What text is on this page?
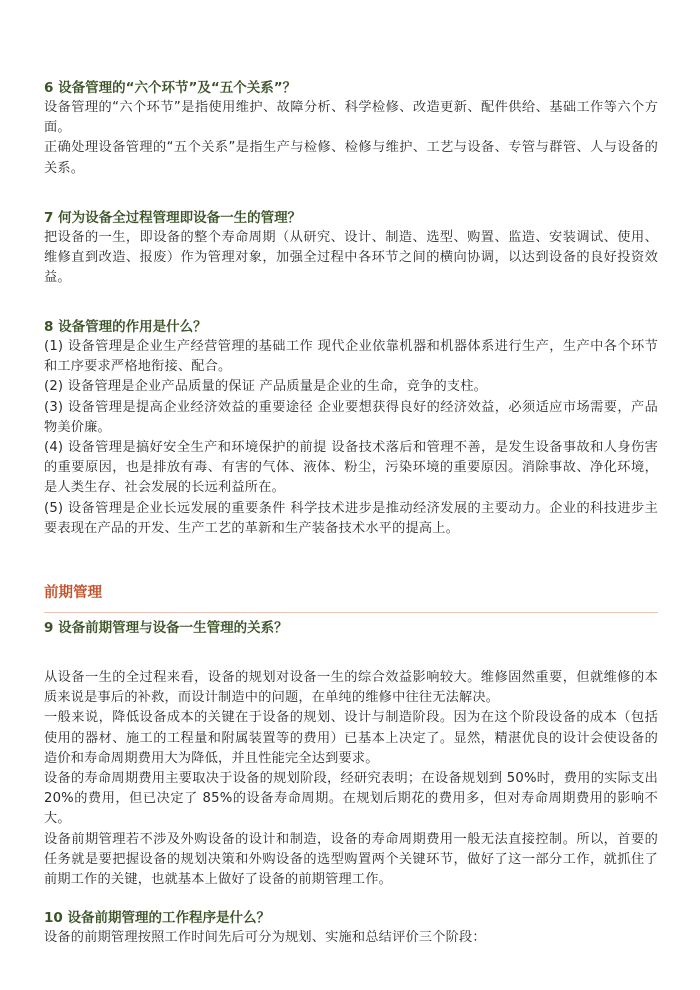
6 设备管理的“六个环节”及“五个关系”？

设备管理的“六个环节”是指使用维护、故障分析、科学检修、改造更新、配件供给、基础工作等六个方面。

正确处理设备管理的“五个关系”是指生产与检修、检修与维护、工艺与设备、专管与群管、人与设备的关系。

7 何为设备全过程管理即设备一生的管理？

把设备的一生，即设备的整个寿命周期（从研究、设计、制造、选型、购置、监造、安装调试、使用、维修直到改造、报废）作为管理对象，加强全过程中各环节之间的横向协调，以达到设备的良好投资效益。

8 设备管理的作用是什么？

(1) 设备管理是企业生产经营管理的基础工作 现代企业依靠机器和机器体系进行生产，生产中各个环节和工序要求严格地衔接、配合。

(2) 设备管理是企业产品质量的保证 产品质量是企业的生命，竞争的支柱。

(3) 设备管理是提高企业经济效益的重要途径 企业要想获得良好的经济效益，必须适应市场需要，产品物美价廉。

(4) 设备管理是搞好安全生产和环境保护的前提 设备技术落后和管理不善，是发生设备事故和人身伤害的重要原因，也是排放有毒、有害的气体、液体、粉尘，污染环境的重要原因。消除事故、净化环境，是人类生存、社会发展的长远利益所在。

(5) 设备管理是企业长远发展的重要条件 科学技术进步是推动经济发展的主要动力。企业的科技进步主要表现在产品的开发、生产工艺的革新和生产装备技术水平的提高上。

前期管理

9 设备前期管理与设备一生管理的关系？

从设备一生的全过程来看，设备的规划对设备一生的综合效益影响较大。维修固然重要，但就维修的本质来说是事后的补救，而设计制造中的问题，在单纯的维修中往往无法解决。

一般来说，降低设备成本的关键在于设备的规划、设计与制造阶段。因为在这个阶段设备的成本（包括使用的器材、施工的工程量和附属装置等的费用）已基本上决定了。显然，精湛优良的设计会使设备的造价和寿命周期费用大为降低，并且性能完全达到要求。

设备的寿命周期费用主要取决于设备的规划阶段，经研究表明；在设备规划到 50%时，费用的实际支出 20%的费用，但已决定了 85%的设备寿命周期。在规划后期花的费用多，但对寿命周期费用的影响不大。

设备前期管理若不涉及外购设备的设计和制造，设备的寿命周期费用一般无法直接控制。所以，首要的任务就是要把握设备的规划决策和外购设备的选型购置两个关键环节，做好了这一部分工作，就抓住了前期工作的关键，也就基本上做好了设备的前期管理工作。

10 设备前期管理的工作程序是什么？

设备的前期管理按照工作时间先后可分为规划、实施和总结评价三个阶段：
